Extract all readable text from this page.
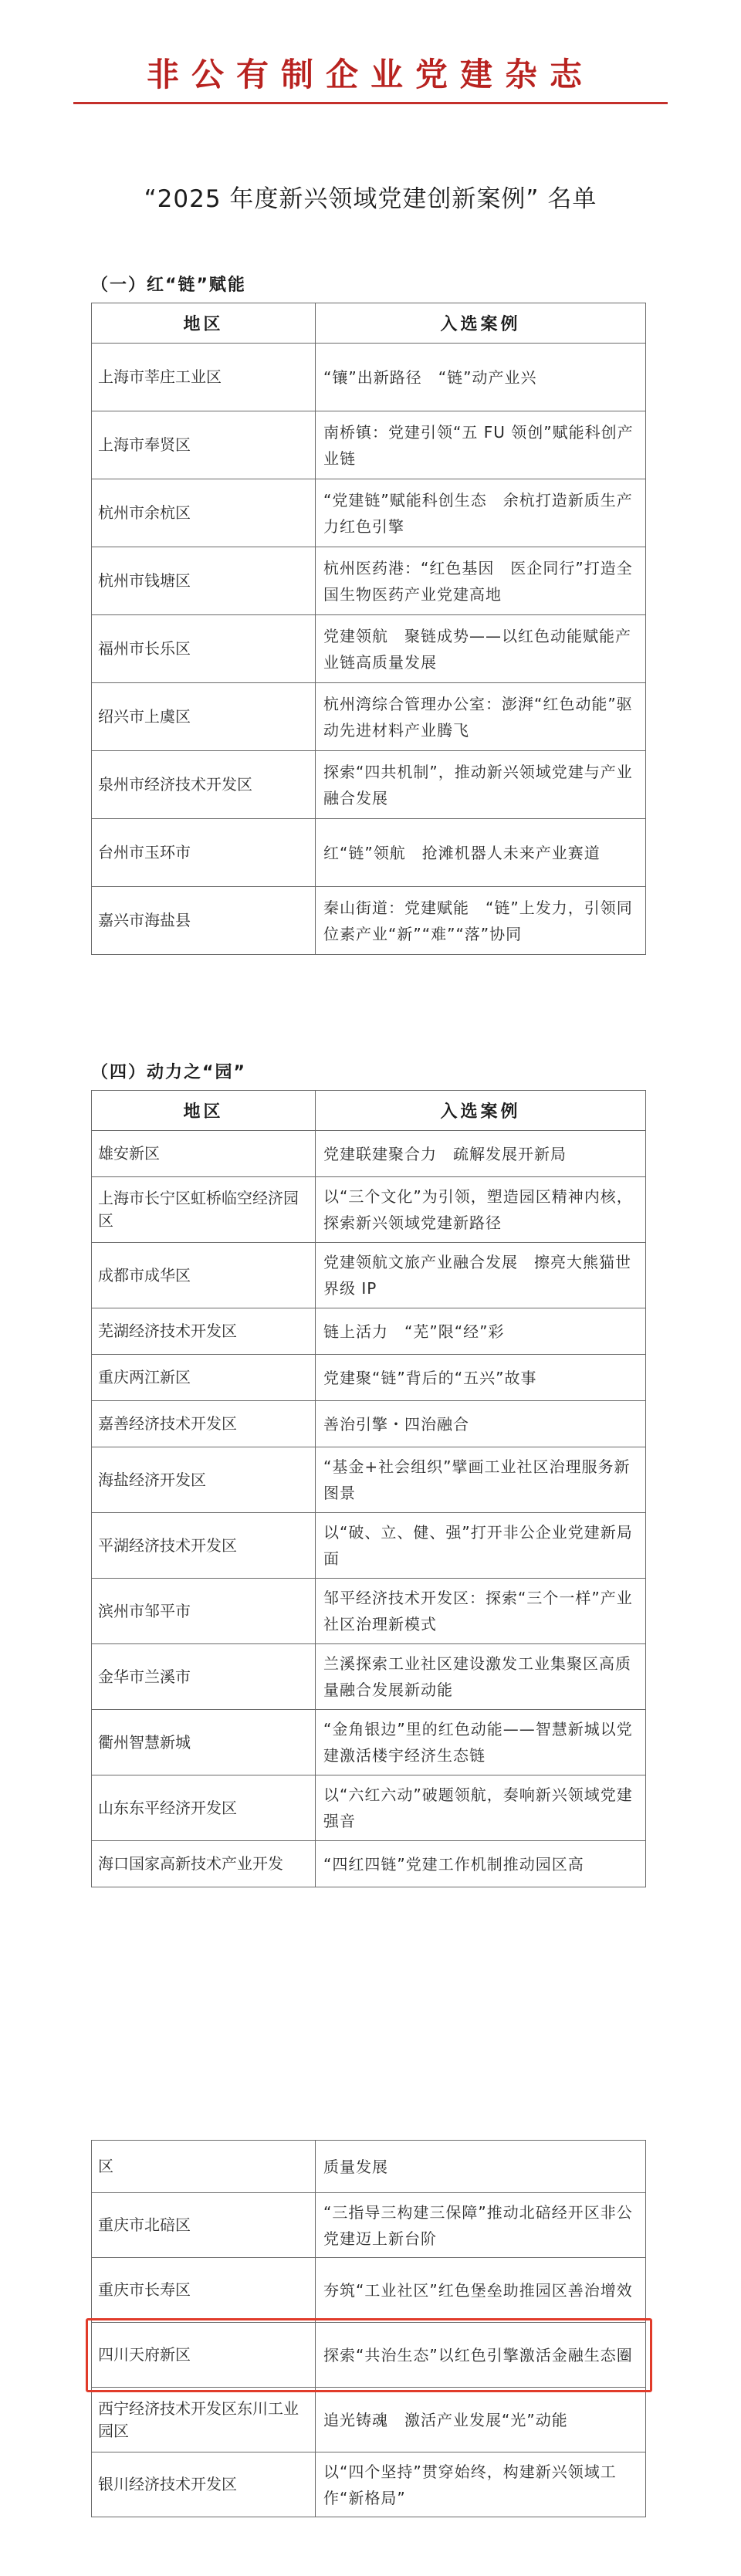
非公有制企业党建杂志
“2025 年度新兴领域党建创新案例” 名单
（一）红“链”赋能
地区	入选案例
上海市莘庄工业区	“镶”出新路径　“链”动产业兴
上海市奉贤区	南桥镇：党建引领“五 FU 领创”赋能科创产业链
杭州市余杭区	“党建链”赋能科创生态　余杭打造新质生产力红色引擎
杭州市钱塘区	杭州医药港：“红色基因　医企同行”打造全国生物医药产业党建高地
福州市长乐区	党建领航　聚链成势——以红色动能赋能产业链高质量发展
绍兴市上虞区	杭州湾综合管理办公室：澎湃“红色动能”驱动先进材料产业腾飞
泉州市经济技术开发区	探索“四共机制”，推动新兴领域党建与产业融合发展
台州市玉环市	红“链”领航　抢滩机器人未来产业赛道
嘉兴市海盐县	秦山街道：党建赋能　“链”上发力，引领同位素产业“新”“难”“落”协同
（四）动力之“园”
地区	入选案例
雄安新区	党建联建聚合力　疏解发展开新局
上海市长宁区虹桥临空经济园区	以“三个文化”为引领，塑造园区精神内核，探索新兴领域党建新路径
成都市成华区	党建领航文旅产业融合发展　擦亮大熊猫世界级 IP
芜湖经济技术开发区	链上活力　“芜”限“经”彩
重庆两江新区	党建聚“链”背后的“五兴”故事
嘉善经济技术开发区	善治引擎・四治融合
海盐经济开发区	“基金+社会组织”擘画工业社区治理服务新图景
平湖经济技术开发区	以“破、立、健、强”打开非公企业党建新局面
滨州市邹平市	邹平经济技术开发区：探索“三个一样”产业社区治理新模式
金华市兰溪市	兰溪探索工业社区建设激发工业集聚区高质量融合发展新动能
衢州智慧新城	“金角银边”里的红色动能——智慧新城以党建激活楼宇经济生态链
山东东平经济开发区	以“六红六动”破题领航，奏响新兴领域党建强音
海口国家高新技术产业开发	“四红四链”党建工作机制推动园区高
区	质量发展
重庆市北碚区	“三指导三构建三保障”推动北碚经开区非公党建迈上新台阶
重庆市长寿区	夯筑“工业社区”红色堡垒助推园区善治增效
四川天府新区	探索“共治生态”以红色引擎激活金融生态圈
西宁经济技术开发区东川工业园区	追光铸魂　激活产业发展“光”动能
银川经济技术开发区	以“四个坚持”贯穿始终，构建新兴领域工作“新格局”
